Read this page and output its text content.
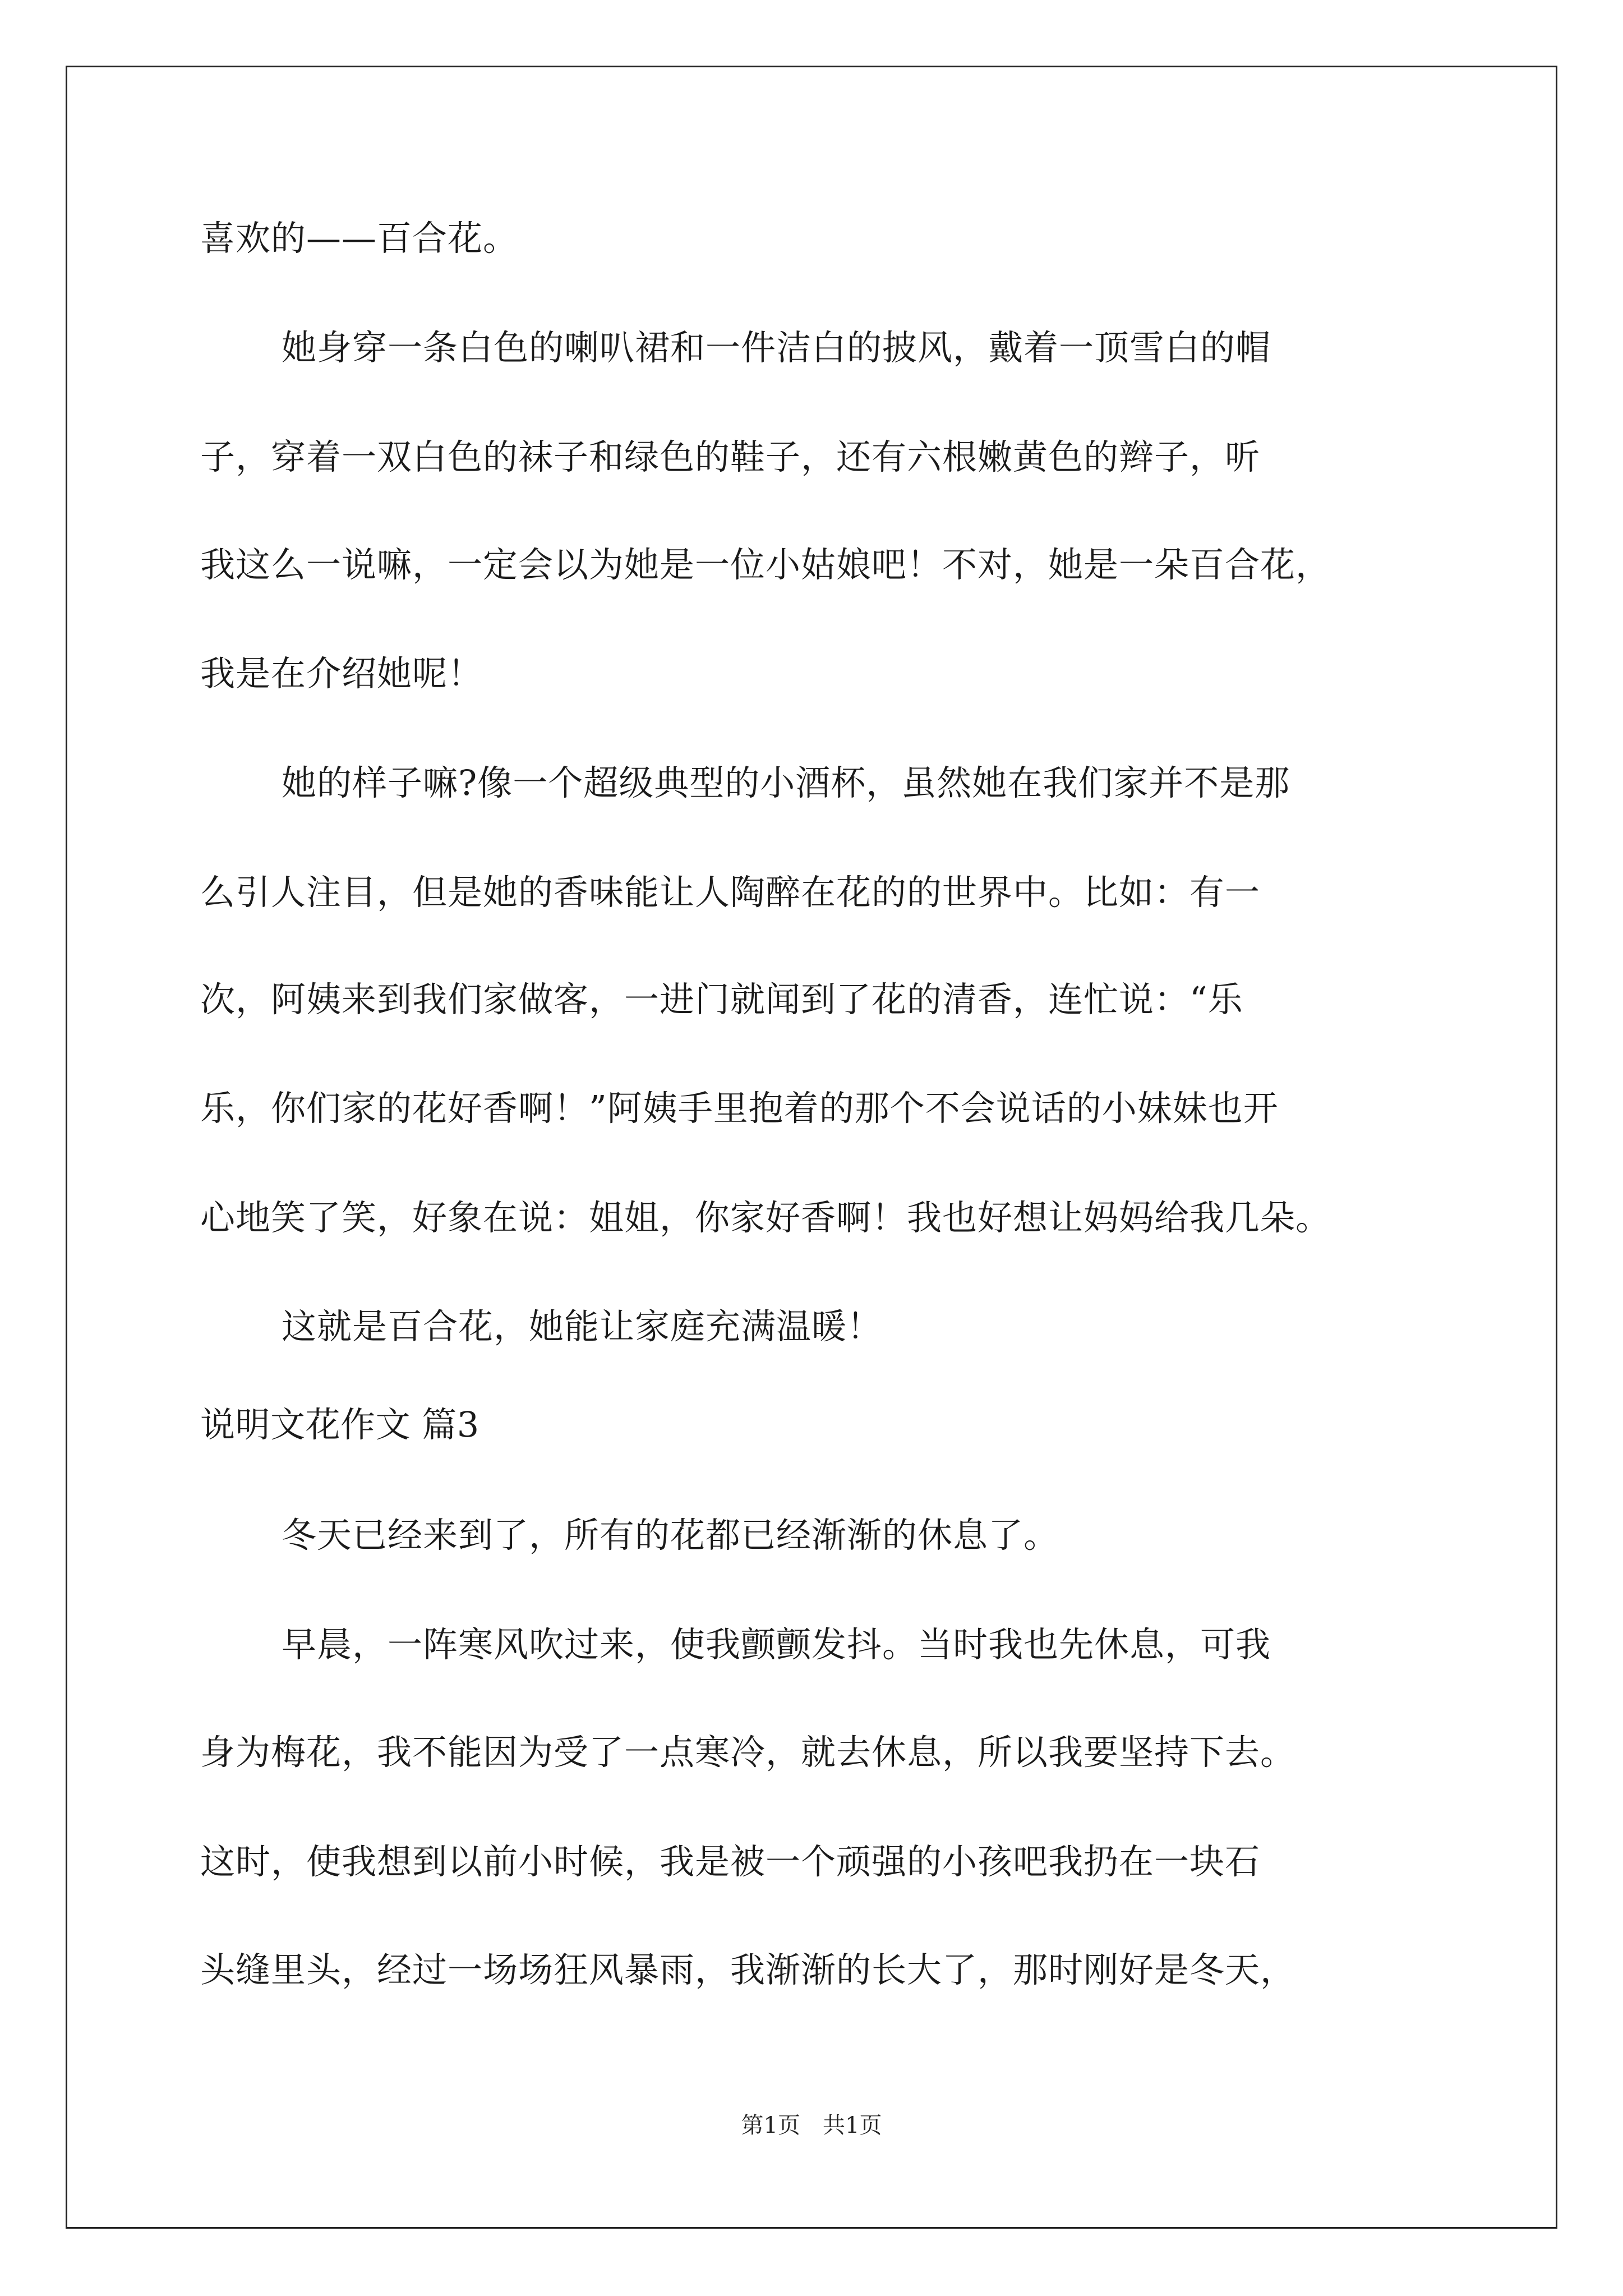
喜欢的——百合花。
她身穿一条白色的喇叭裙和一件洁白的披风，戴着一顶雪白的帽
子，穿着一双白色的袜子和绿色的鞋子，还有六根嫩黄色的辫子，听
我这么一说嘛，一定会以为她是一位小姑娘吧！不对，她是一朵百合花，
我是在介绍她呢！
她的样子嘛?像一个超级典型的小酒杯，虽然她在我们家并不是那
么引人注目，但是她的香味能让人陶醉在花的的世界中。比如：有一
次，阿姨来到我们家做客，一进门就闻到了花的清香，连忙说：“乐
乐，你们家的花好香啊！”阿姨手里抱着的那个不会说话的小妹妹也开
心地笑了笑，好象在说：姐姐，你家好香啊！我也好想让妈妈给我几朵。
这就是百合花，她能让家庭充满温暖！
说明文花作文 篇3
冬天已经来到了，所有的花都已经渐渐的休息了。
早晨，一阵寒风吹过来，使我颤颤发抖。当时我也先休息，可我
身为梅花，我不能因为受了一点寒冷，就去休息，所以我要坚持下去。
这时，使我想到以前小时候，我是被一个顽强的小孩吧我扔在一块石
头缝里头，经过一场场狂风暴雨，我渐渐的长大了，那时刚好是冬天，
第1页　共1页
